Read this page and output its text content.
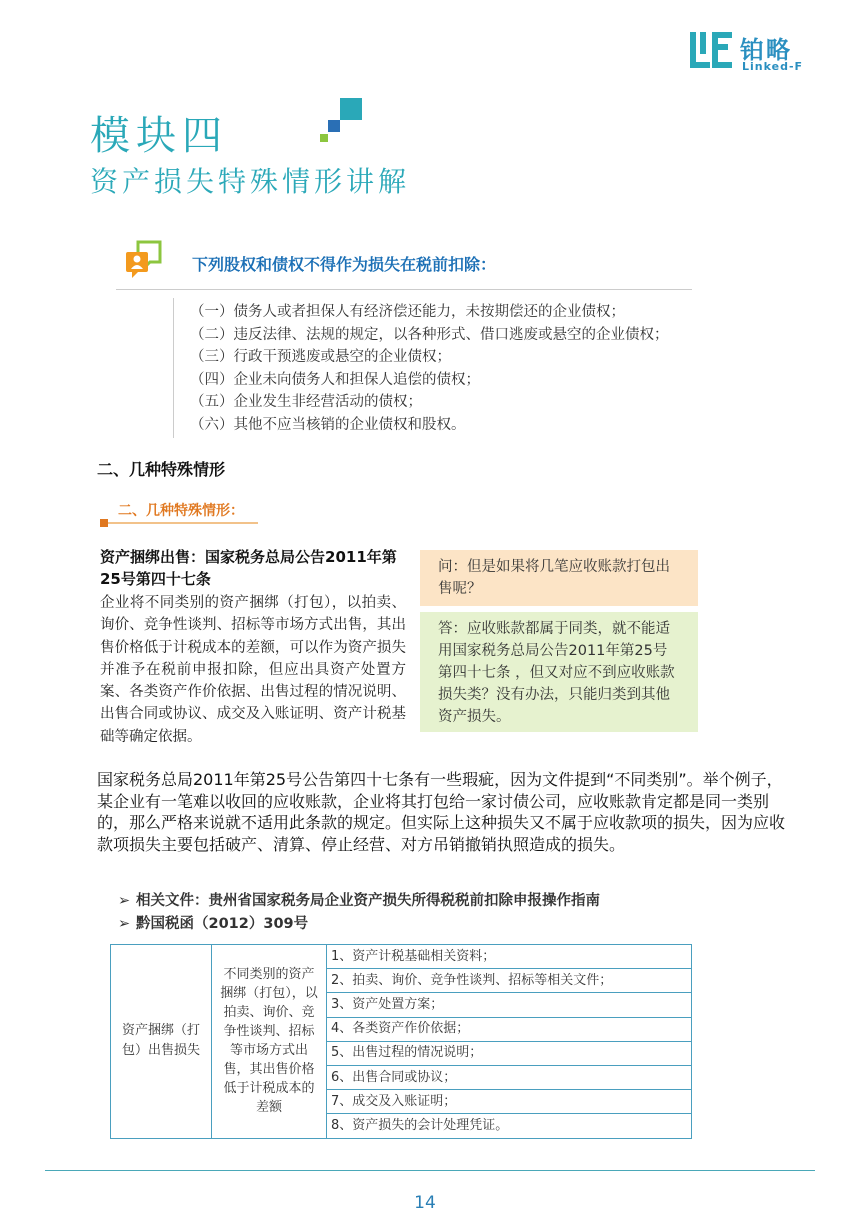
铂略
Linked-F
模块四
资产损失特殊情形讲解
下列股权和债权不得作为损失在税前扣除：
（一）债务人或者担保人有经济偿还能力，未按期偿还的企业债权；
（二）违反法律、法规的规定，以各种形式、借口逃废或悬空的企业债权；
（三）行政干预逃废或悬空的企业债权；
（四）企业未向债务人和担保人追偿的债权；
（五）企业发生非经营活动的债权；
（六）其他不应当核销的企业债权和股权。
二、几种特殊情形
二、几种特殊情形：
资产捆绑出售：国家税务总局公告2011年第25号第四十七条
企业将不同类别的资产捆绑（打包），以拍卖、询价、竞争性谈判、招标等市场方式出售，其出售价格低于计税成本的差额，可以作为资产损失并准予在税前申报扣除，但应出具资产处置方案、各类资产作价依据、出售过程的情况说明、出售合同或协议、成交及入账证明、资产计税基础等确定依据。
问：但是如果将几笔应收账款打包出售呢？
答：应收账款都属于同类，就不能适用国家税务总局公告2011年第25号第四十七条 ，但又对应不到应收账款损失类？没有办法，只能归类到其他资产损失。
国家税务总局2011年第25号公告第四十七条有一些瑕疵，因为文件提到“不同类别”。举个例子，某企业有一笔难以收回的应收账款，企业将其打包给一家讨债公司，应收账款肯定都是同一类别的，那么严格来说就不适用此条款的规定。但实际上这种损失又不属于应收款项的损失，因为应收款项损失主要包括破产、清算、停止经营、对方吊销撤销执照造成的损失。
➢ 相关文件：贵州省国家税务局企业资产损失所得税税前扣除申报操作指南
➢ 黔国税函（2012）309号
资产捆绑（打包）出售损失	不同类别的资产捆绑（打包），以拍卖、询价、竞争性谈判、招标等市场方式出售，其出售价格低于计税成本的差额	1、资产计税基础相关资料；
2、拍卖、询价、竞争性谈判、招标等相关文件；
3、资产处置方案；
4、各类资产作价依据；
5、出售过程的情况说明；
6、出售合同或协议；
7、成交及入账证明；
8、资产损失的会计处理凭证。
14
